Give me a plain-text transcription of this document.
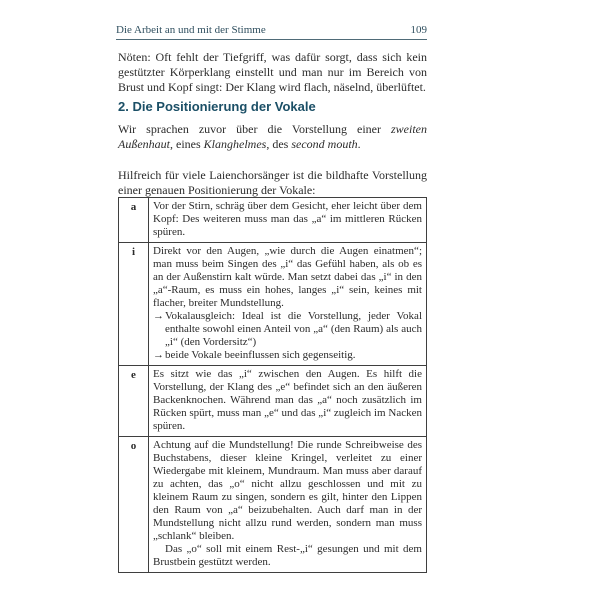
Die Arbeit an und mit der Stimme	109

Nöten: Oft fehlt der Tiefgriff, was dafür sorgt, dass sich kein gestützter Körperklang einstellt und man nur im Bereich von Brust und Kopf singt: Der Klang wird flach, näselnd, überlüftet.

2. Die Positionierung der Vokale

Wir sprachen zuvor über die Vorstellung einer zweiten Außenhaut, eines Klanghelmes, des second mouth.

Hilfreich für viele Laienchorsänger ist die bildhafte Vorstellung einer genauen Positionierung der Vokale:

a	Vor der Stirn, schräg über dem Gesicht, eher leicht über dem Kopf: Des weiteren muss man das „a“ im mittleren Rücken spüren.
i	Direkt vor den Augen, „wie durch die Augen einatmen“; man muss beim Singen des „i“ das Gefühl haben, als ob es an der Außenstirn kalt würde. Man setzt dabei das „i“ in den „a“-Raum, es muss ein hohes, langes „i“ sein, keines mit flacher, breiter Mundstellung.
→ Vokalausgleich: Ideal ist die Vorstellung, jeder Vokal enthalte sowohl einen Anteil von „a“ (den Raum) als auch „i“ (den Vordersitz“)
→ beide Vokale beeinflussen sich gegenseitig.

e	Es sitzt wie das „i“ zwischen den Augen. Es hilft die Vorstellung, der Klang des „e“ befindet sich an den äußeren Backenknochen. Während man das „a“ noch zusätzlich im Rücken spürt, muss man „e“ und das „i“ zugleich im Nacken spüren.
o	Achtung auf die Mundstellung! Die runde Schreibweise des Buchstabens, dieser kleine Kringel, verleitet zu einer Wiedergabe mit kleinem, Mundraum. Man muss aber darauf zu achten, das „o“ nicht allzu geschlossen und mit zu kleinem Raum zu singen, sondern es gilt, hinter den Lippen den Raum von „a“ beizubehalten. Auch darf man in der Mundstellung nicht allzu rund werden, sondern man muss „schlank“ bleiben.
Das „o“ soll mit einem Rest-„i“ gesungen und mit dem Brustbein gestützt werden.
